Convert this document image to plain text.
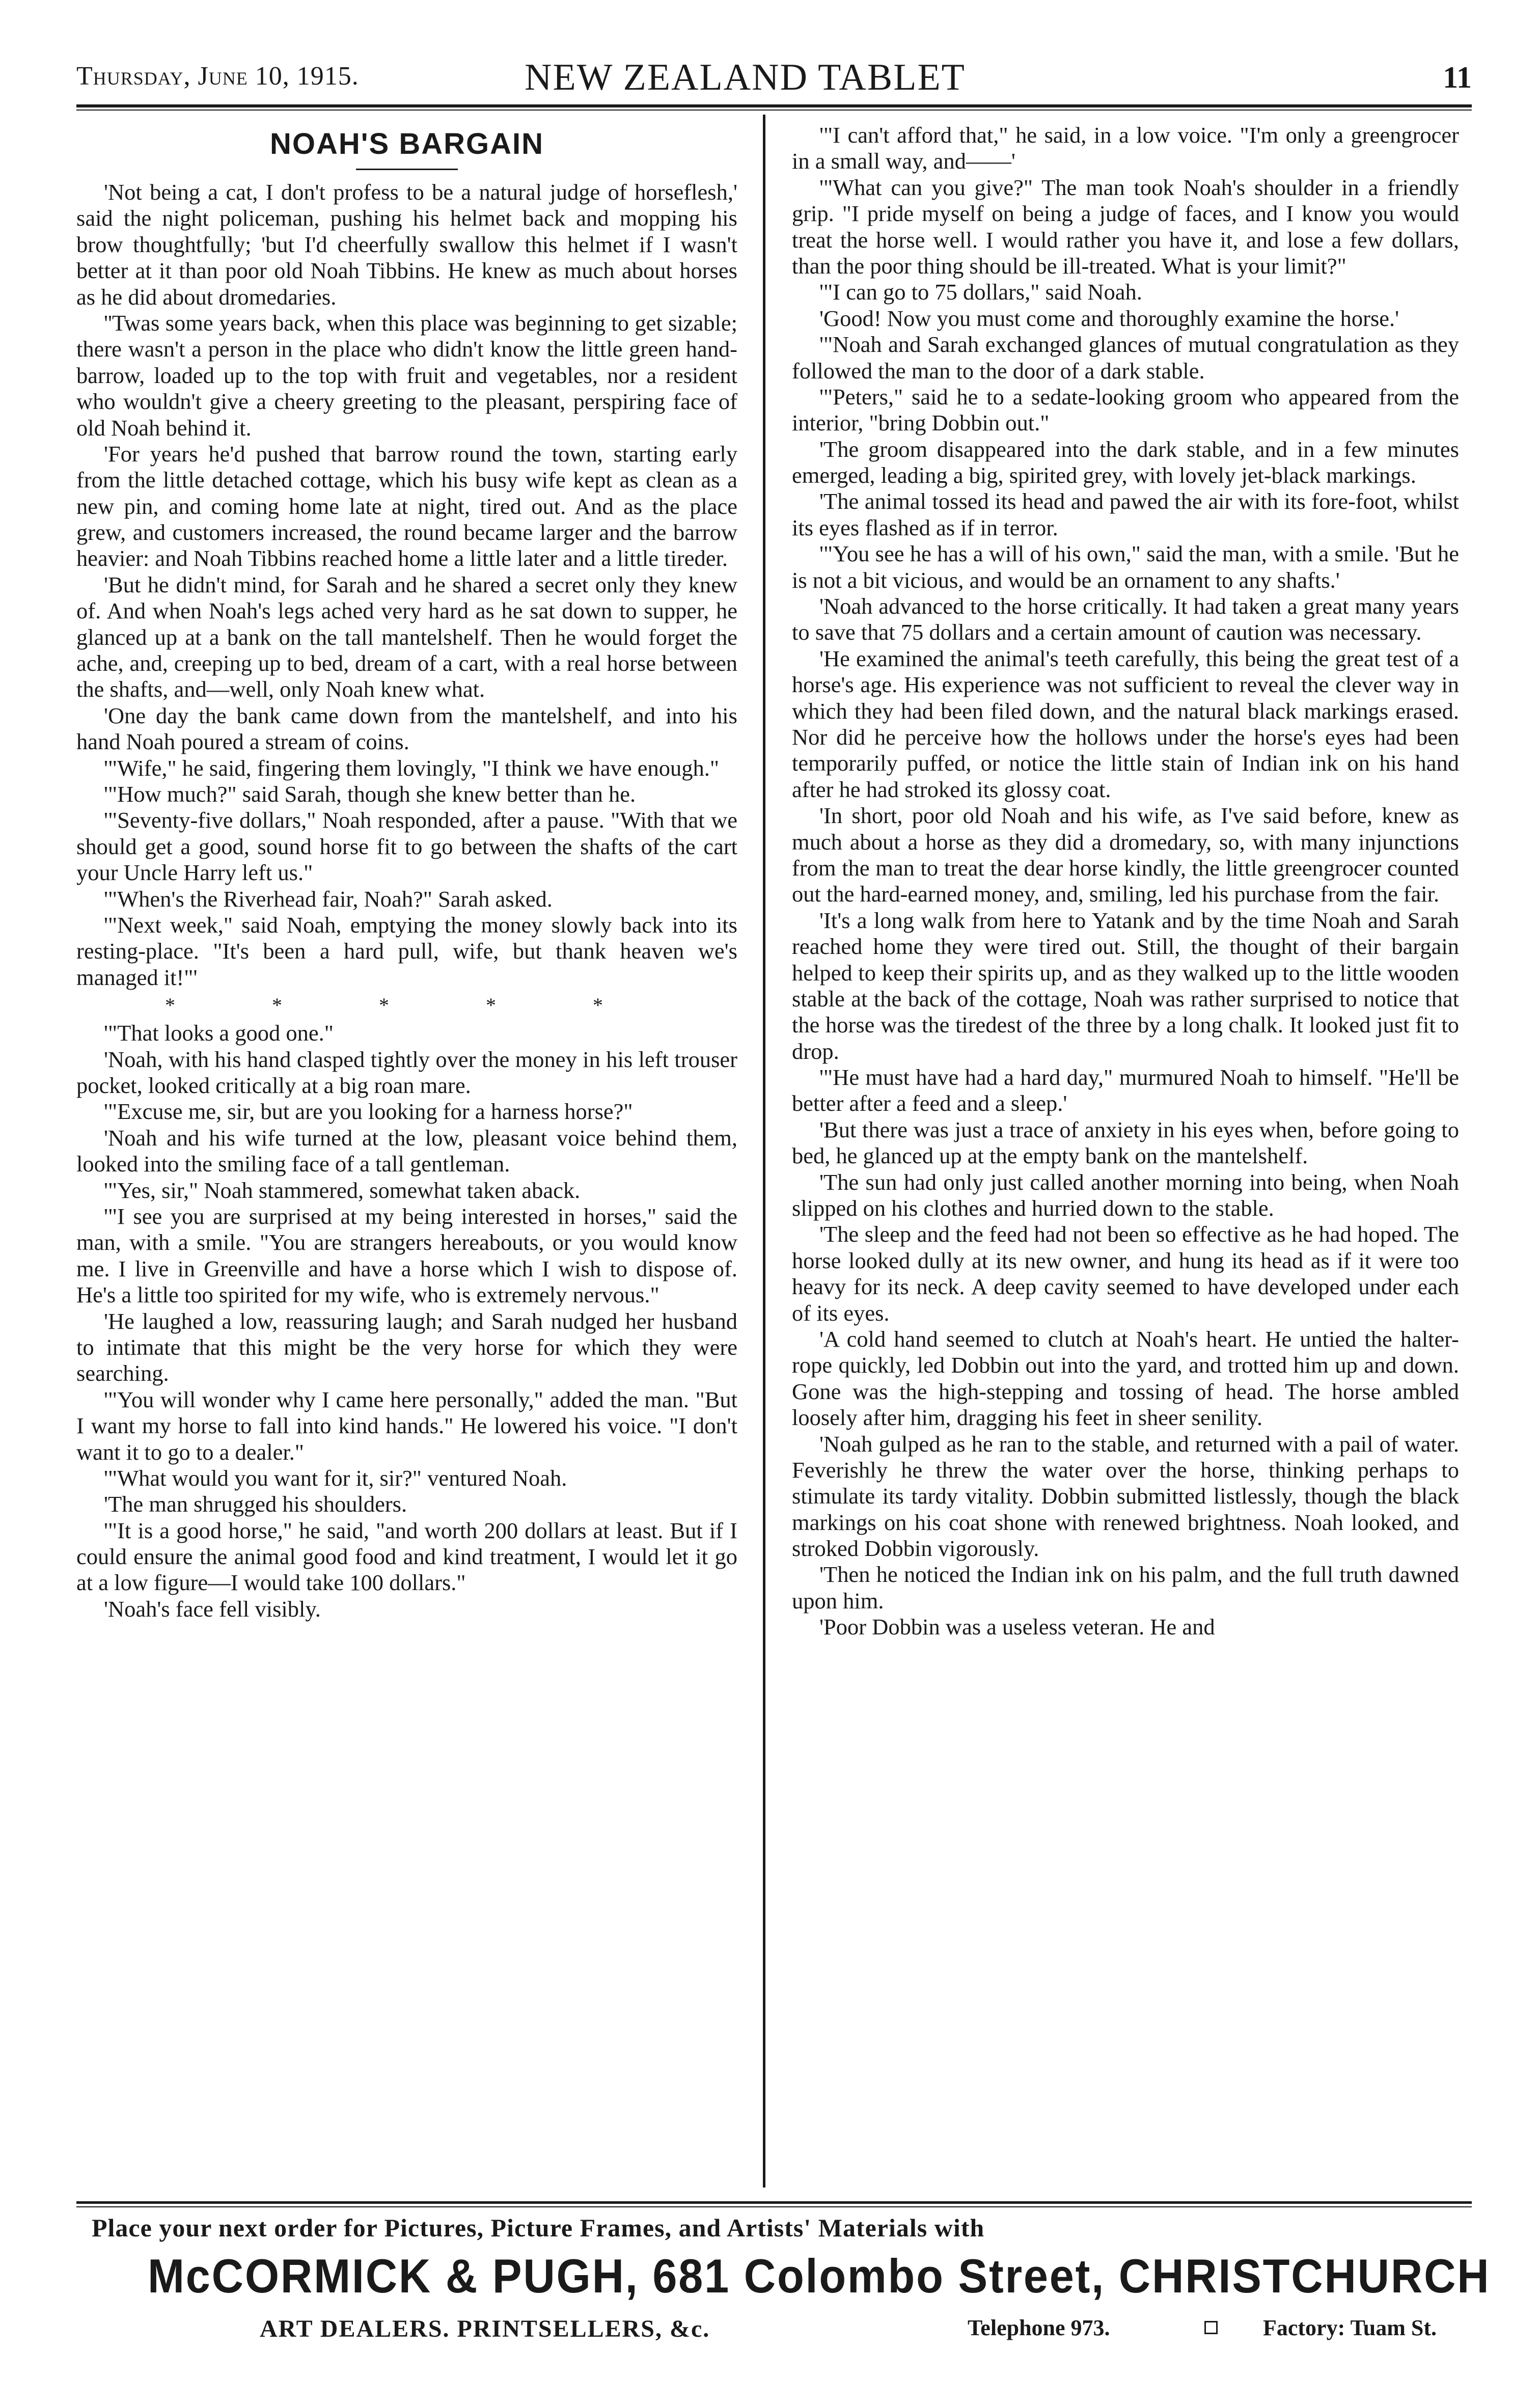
Thursday, June 10, 1915.	NEW ZEALAND TABLET	11
NOAH'S BARGAIN

'Not being a cat, I don't profess to be a natural judge of horseflesh,' said the night policeman, pushing his helmet back and mopping his brow thoughtfully; 'but I'd cheerfully swallow this helmet if I wasn't better at it than poor old Noah Tibbins. He knew as much about horses as he did about dromedaries.

''Twas some years back, when this place was beginning to get sizable; there wasn't a person in the place who didn't know the little green hand-barrow, loaded up to the top with fruit and vegetables, nor a resident who wouldn't give a cheery greeting to the pleasant, perspiring face of old Noah behind it.

'For years he'd pushed that barrow round the town, starting early from the little detached cottage, which his busy wife kept as clean as a new pin, and coming home late at night, tired out. And as the place grew, and customers increased, the round became larger and the barrow heavier: and Noah Tibbins reached home a little later and a little tireder.

'But he didn't mind, for Sarah and he shared a secret only they knew of. And when Noah's legs ached very hard as he sat down to supper, he glanced up at a bank on the tall mantelshelf. Then he would forget the ache, and, creeping up to bed, dream of a cart, with a real horse between the shafts, and—well, only Noah knew what.

'One day the bank came down from the mantelshelf, and into his hand Noah poured a stream of coins.

'"Wife," he said, fingering them lovingly, "I think we have enough."

'"How much?" said Sarah, though she knew better than he.

'"Seventy-five dollars," Noah responded, after a pause. "With that we should get a good, sound horse fit to go between the shafts of the cart your Uncle Harry left us."

'"When's the Riverhead fair, Noah?" Sarah asked.

'"Next week," said Noah, emptying the money slowly back into its resting-place. "It's been a hard pull, wife, but thank heaven we's managed it!"'

* * * * *

'"That looks a good one."

'Noah, with his hand clasped tightly over the money in his left trouser pocket, looked critically at a big roan mare.

'"Excuse me, sir, but are you looking for a harness horse?"

'Noah and his wife turned at the low, pleasant voice behind them, looked into the smiling face of a tall gentleman.

'"Yes, sir," Noah stammered, somewhat taken aback.

'"I see you are surprised at my being interested in horses," said the man, with a smile. "You are strangers hereabouts, or you would know me. I live in Greenville and have a horse which I wish to dispose of. He's a little too spirited for my wife, who is extremely nervous."

'He laughed a low, reassuring laugh; and Sarah nudged her husband to intimate that this might be the very horse for which they were searching.

'"You will wonder why I came here personally," added the man. "But I want my horse to fall into kind hands." He lowered his voice. "I don't want it to go to a dealer."

'"What would you want for it, sir?" ventured Noah.

'The man shrugged his shoulders.

'"It is a good horse," he said, "and worth 200 dollars at least. But if I could ensure the animal good food and kind treatment, I would let it go at a low figure—I would take 100 dollars."

'Noah's face fell visibly.

'"I can't afford that," he said, in a low voice. "I'm only a greengrocer in a small way, and——'

'"What can you give?" The man took Noah's shoulder in a friendly grip. "I pride myself on being a judge of faces, and I know you would treat the horse well. I would rather you have it, and lose a few dollars, than the poor thing should be ill-treated. What is your limit?"

'"I can go to 75 dollars," said Noah.

'Good! Now you must come and thoroughly examine the horse.'

'"Noah and Sarah exchanged glances of mutual congratulation as they followed the man to the door of a dark stable.

'"Peters," said he to a sedate-looking groom who appeared from the interior, "bring Dobbin out."

'The groom disappeared into the dark stable, and in a few minutes emerged, leading a big, spirited grey, with lovely jet-black markings.

'The animal tossed its head and pawed the air with its fore-foot, whilst its eyes flashed as if in terror.

'"You see he has a will of his own," said the man, with a smile. 'But he is not a bit vicious, and would be an ornament to any shafts.'

'Noah advanced to the horse critically. It had taken a great many years to save that 75 dollars and a certain amount of caution was necessary.

'He examined the animal's teeth carefully, this being the great test of a horse's age. His experience was not sufficient to reveal the clever way in which they had been filed down, and the natural black markings erased. Nor did he perceive how the hollows under the horse's eyes had been temporarily puffed, or notice the little stain of Indian ink on his hand after he had stroked its glossy coat.

'In short, poor old Noah and his wife, as I've said before, knew as much about a horse as they did a dromedary, so, with many injunctions from the man to treat the dear horse kindly, the little greengrocer counted out the hard-earned money, and, smiling, led his purchase from the fair.

'It's a long walk from here to Yatank and by the time Noah and Sarah reached home they were tired out. Still, the thought of their bargain helped to keep their spirits up, and as they walked up to the little wooden stable at the back of the cottage, Noah was rather surprised to notice that the horse was the tiredest of the three by a long chalk. It looked just fit to drop.

'"He must have had a hard day," murmured Noah to himself. "He'll be better after a feed and a sleep.'

'But there was just a trace of anxiety in his eyes when, before going to bed, he glanced up at the empty bank on the mantelshelf.

'The sun had only just called another morning into being, when Noah slipped on his clothes and hurried down to the stable.

'The sleep and the feed had not been so effective as he had hoped. The horse looked dully at its new owner, and hung its head as if it were too heavy for its neck. A deep cavity seemed to have developed under each of its eyes.

'A cold hand seemed to clutch at Noah's heart. He untied the halter-rope quickly, led Dobbin out into the yard, and trotted him up and down. Gone was the high-stepping and tossing of head. The horse ambled loosely after him, dragging his feet in sheer senility.

'Noah gulped as he ran to the stable, and returned with a pail of water. Feverishly he threw the water over the horse, thinking perhaps to stimulate its tardy vitality. Dobbin submitted listlessly, though the black markings on his coat shone with renewed brightness. Noah looked, and stroked Dobbin vigorously.

'Then he noticed the Indian ink on his palm, and the full truth dawned upon him.

'Poor Dobbin was a useless veteran. He and

Place your next order for Pictures, Picture Frames, and Artists' Materials with
McCORMICK & PUGH, 681 Colombo Street, CHRISTCHURCH
ART DEALERS. PRINTSELLERS, &c.	Telephone 973.	Factory: Tuam St.
